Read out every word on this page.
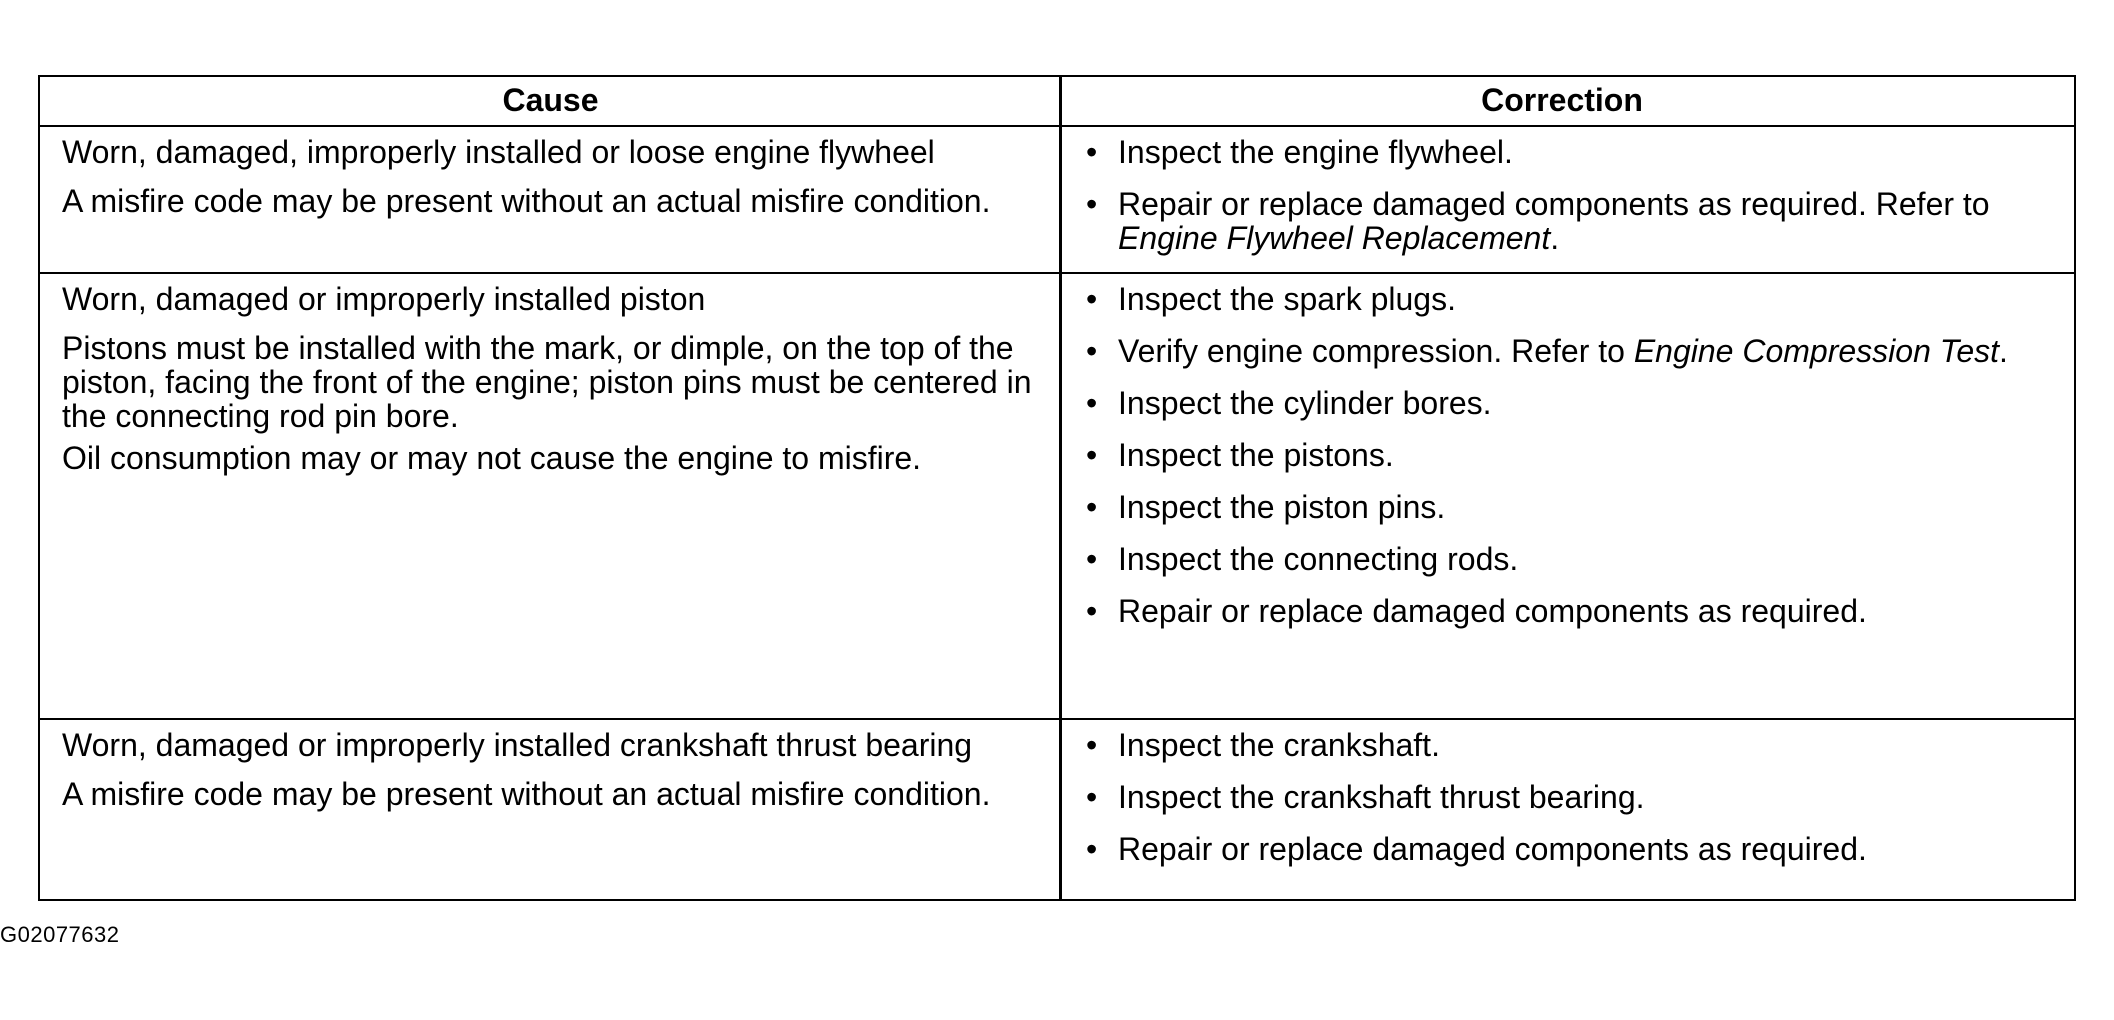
Cause	Correction

Worn, damaged, improperly installed or loose engine flywheel

A misfire code may be present without an actual misfire condition.

• Inspect the engine flywheel.
• Repair or replace damaged components as required. Refer to Engine Flywheel Replacement.

Worn, damaged or improperly installed piston

Pistons must be installed with the mark, or dimple, on the top of the piston, facing the front of the engine; piston pins must be centered in the connecting rod pin bore.

Oil consumption may or may not cause the engine to misfire.

• Inspect the spark plugs.
• Verify engine compression. Refer to Engine Compression Test.
• Inspect the cylinder bores.
• Inspect the pistons.
• Inspect the piston pins.
• Inspect the connecting rods.
• Repair or replace damaged components as required.

Worn, damaged or improperly installed crankshaft thrust bearing

A misfire code may be present without an actual misfire condition.

• Inspect the crankshaft.
• Inspect the crankshaft thrust bearing.
• Repair or replace damaged components as required.
G02077632
